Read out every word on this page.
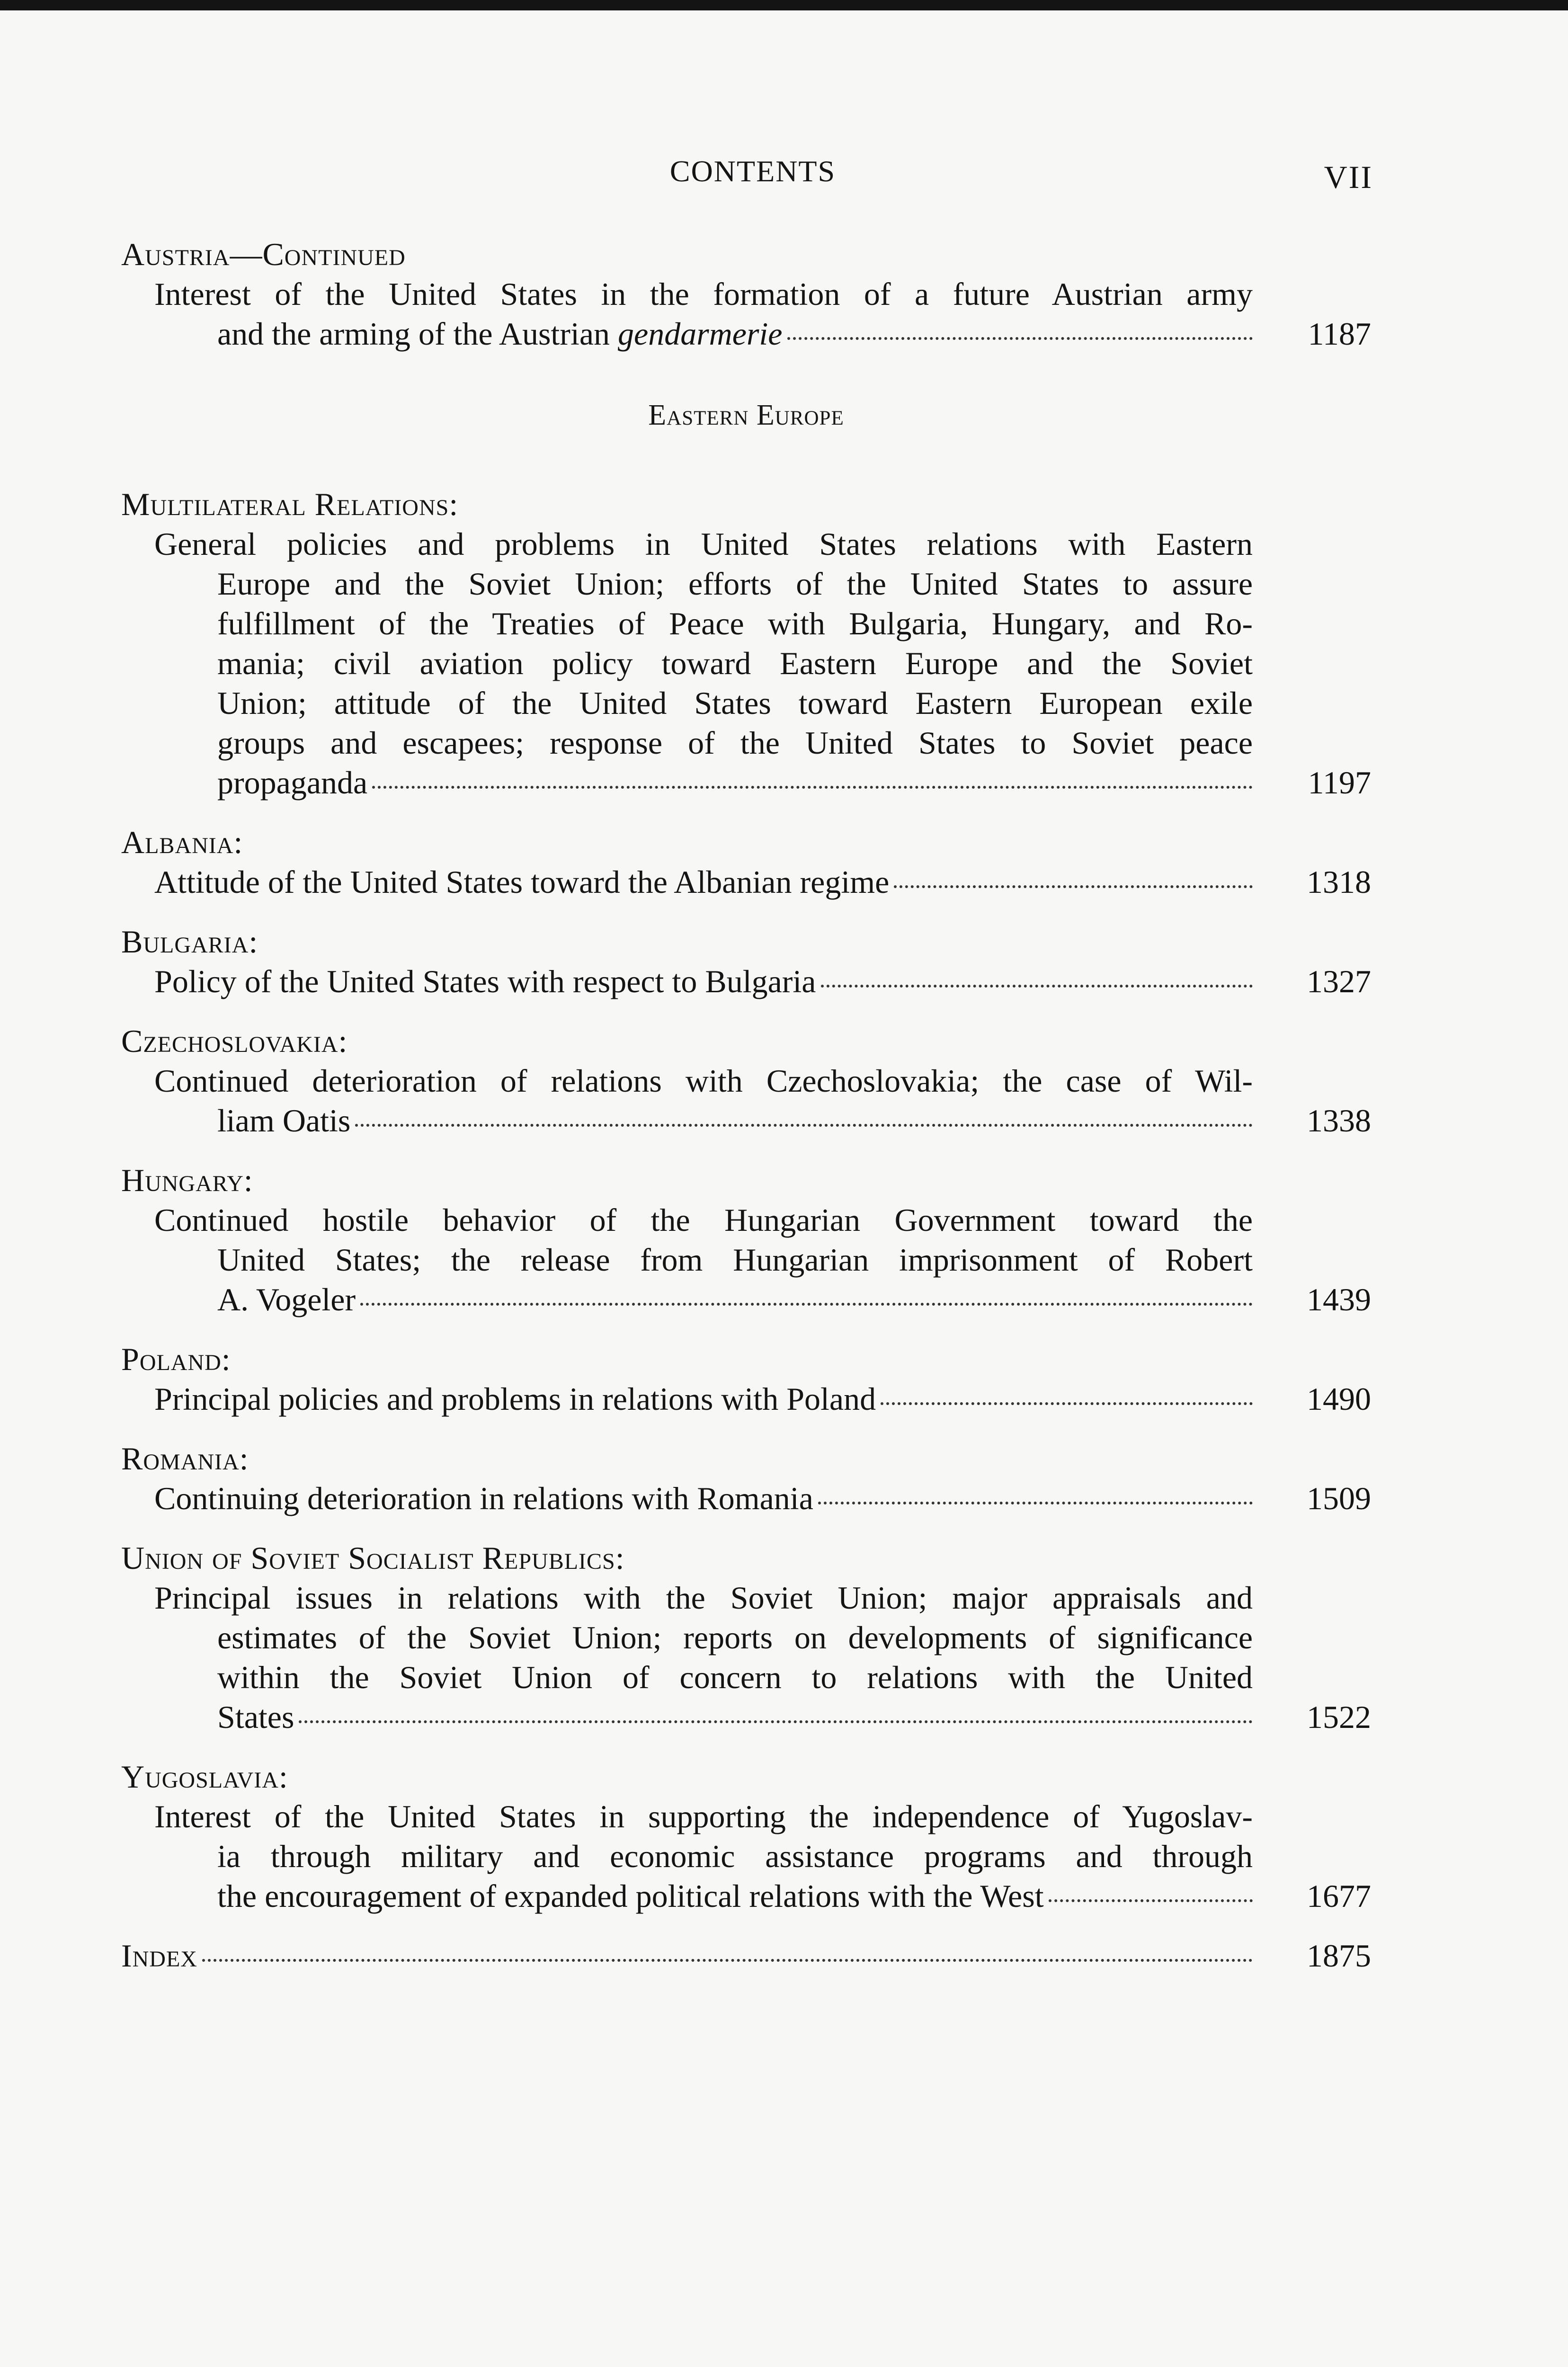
CONTENTS	VII
Austria—Continued
Interest of the United States in the formation of a future Austrian army
and the arming of the Austrian gendarmerie	1187
Eastern Europe
Multilateral Relations:
General policies and problems in United States relations with Eastern
Europe and the Soviet Union; efforts of the United States to assure
fulfillment of the Treaties of Peace with Bulgaria, Hungary, and Ro-
mania; civil aviation policy toward Eastern Europe and the Soviet
Union; attitude of the United States toward Eastern European exile
groups and escapees; response of the United States to Soviet peace
propaganda	1197
Albania:
Attitude of the United States toward the Albanian regime	1318
Bulgaria:
Policy of the United States with respect to Bulgaria	1327
Czechoslovakia:
Continued deterioration of relations with Czechoslovakia; the case of Wil-
liam Oatis	1338
Hungary:
Continued hostile behavior of the Hungarian Government toward the
United States; the release from Hungarian imprisonment of Robert
A. Vogeler	1439
Poland:
Principal policies and problems in relations with Poland	1490
Romania:
Continuing deterioration in relations with Romania	1509
Union of Soviet Socialist Republics:
Principal issues in relations with the Soviet Union; major appraisals and
estimates of the Soviet Union; reports on developments of significance
within the Soviet Union of concern to relations with the United
States	1522
Yugoslavia:
Interest of the United States in supporting the independence of Yugoslav-
ia through military and economic assistance programs and through
the encouragement of expanded political relations with the West	1677
Index	1875
